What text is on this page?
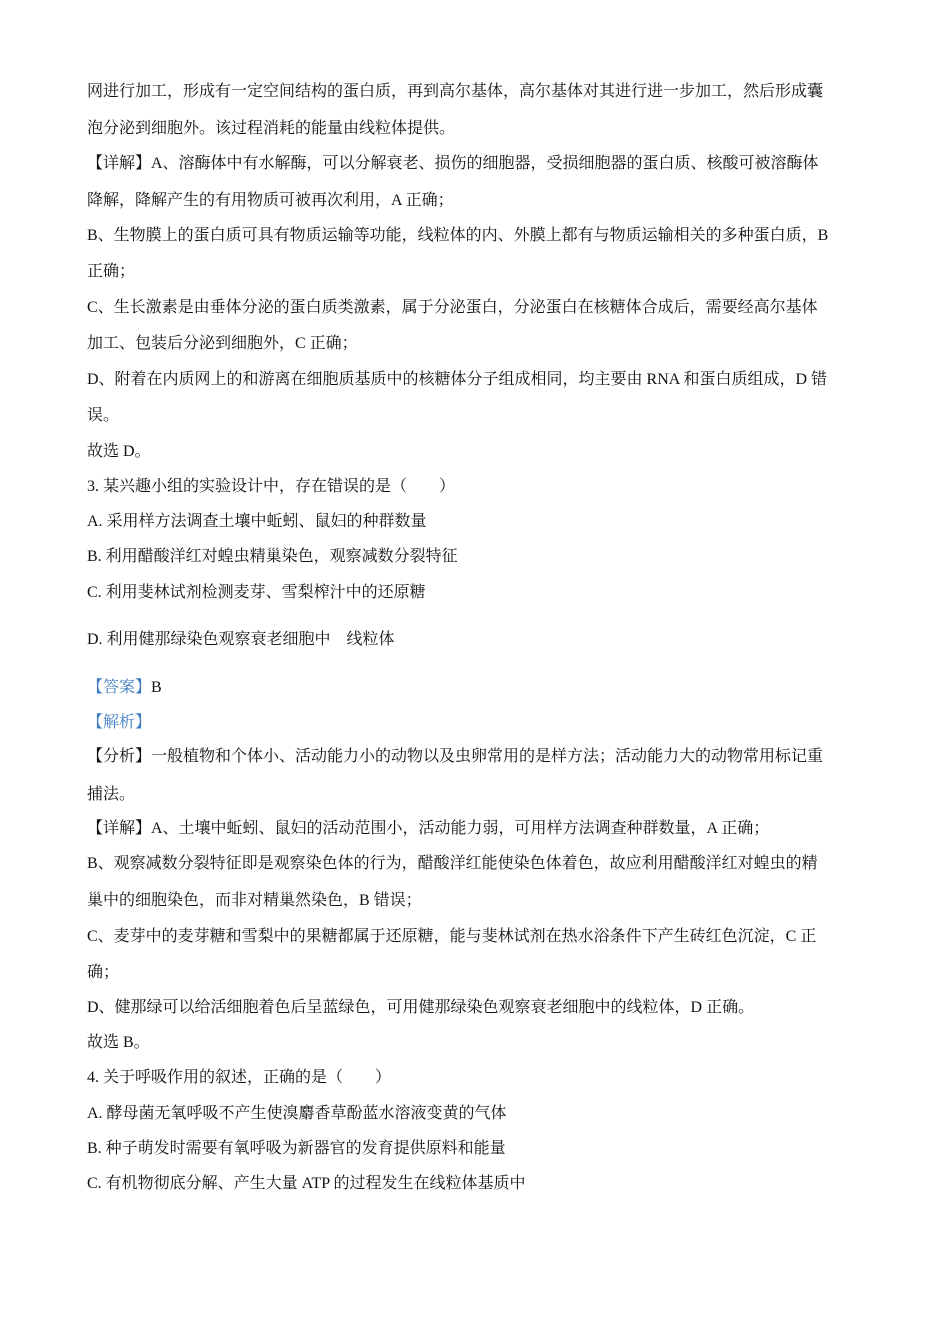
网进行加工，形成有一定空间结构的蛋白质，再到高尔基体，高尔基体对其进行进一步加工，然后形成囊
泡分泌到细胞外。该过程消耗的能量由线粒体提供。
【详解】A、溶酶体中有水解酶，可以分解衰老、损伤的细胞器，受损细胞器的蛋白质、核酸可被溶酶体
降解，降解产生的有用物质可被再次利用，A 正确；
B、生物膜上的蛋白质可具有物质运输等功能，线粒体的内、外膜上都有与物质运输相关的多种蛋白质，B
正确；
C、生长激素是由垂体分泌的蛋白质类激素，属于分泌蛋白，分泌蛋白在核糖体合成后，需要经高尔基体
加工、包装后分泌到细胞外，C 正确；
D、附着在内质网上的和游离在细胞质基质中的核糖体分子组成相同，均主要由 RNA 和蛋白质组成，D 错
误。
故选 D。
3. 某兴趣小组的实验设计中，存在错误的是（　　）
A. 采用样方法调查土壤中蚯蚓、鼠妇的种群数量
B. 利用醋酸洋红对蝗虫精巢染色，观察减数分裂特征
C. 利用斐林试剂检测麦芽、雪梨榨汁中的还原糖
D. 利用健那绿染色观察衰老细胞中　线粒体
【答案】B
【解析】
【分析】一般植物和个体小、活动能力小的动物以及虫卵常用的是样方法；活动能力大的动物常用标记重
捕法。
【详解】A、土壤中蚯蚓、鼠妇的活动范围小，活动能力弱，可用样方法调查种群数量，A 正确；
B、观察减数分裂特征即是观察染色体的行为，醋酸洋红能使染色体着色，故应利用醋酸洋红对蝗虫的精
巢中的细胞染色，而非对精巢然染色，B 错误；
C、麦芽中的麦芽糖和雪梨中的果糖都属于还原糖，能与斐林试剂在热水浴条件下产生砖红色沉淀，C 正
确；
D、健那绿可以给活细胞着色后呈蓝绿色，可用健那绿染色观察衰老细胞中的线粒体，D 正确。
故选 B。
4. 关于呼吸作用的叙述，正确的是（　　）
A. 酵母菌无氧呼吸不产生使溴麝香草酚蓝水溶液变黄的气体
B. 种子萌发时需要有氧呼吸为新器官的发育提供原料和能量
C. 有机物彻底分解、产生大量 ATP 的过程发生在线粒体基质中
